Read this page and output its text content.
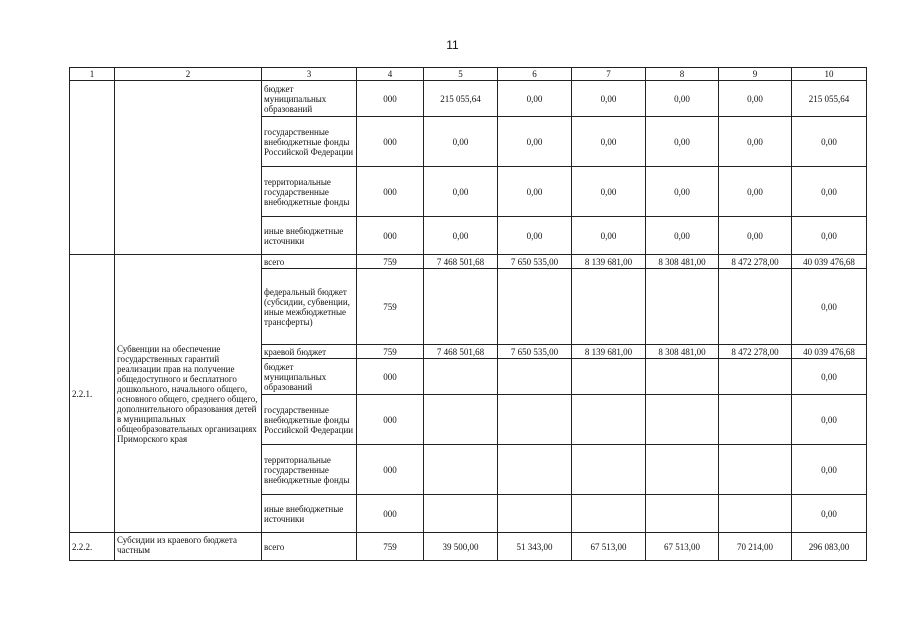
11
1	2	3	4	5	6	7	8	9	10
		бюджет муниципальных образований	000	215 055,64	0,00	0,00	0,00	0,00	215 055,64
		государственные внебюджетные фонды Российской Федерации	000	0,00	0,00	0,00	0,00	0,00	0,00
		территориальные государственные внебюджетные фонды	000	0,00	0,00	0,00	0,00	0,00	0,00
		иные внебюджетные источники	000	0,00	0,00	0,00	0,00	0,00	0,00
2.2.1.	Субвенции на обеспечение государственных гарантий реализации прав на получение общедоступного и бесплатного дошкольного, начального общего, основного общего, среднего общего, дополнительного образования детей в муниципальных общеобразовательных организациях Приморского края	всего	759	7 468 501,68	7 650 535,00	8 139 681,00	8 308 481,00	8 472 278,00	40 039 476,68
		федеральный бюджет (субсидии, субвенции, иные межбюджетные трансферты)	759						0,00
		краевой бюджет	759	7 468 501,68	7 650 535,00	8 139 681,00	8 308 481,00	8 472 278,00	40 039 476,68
		бюджет муниципальных образований	000						0,00
		государственные внебюджетные фонды Российской Федерации	000						0,00
		территориальные государственные внебюджетные фонды	000						0,00
		иные внебюджетные источники	000						0,00
2.2.2.	Субсидии из краевого бюджета частным	всего	759	39 500,00	51 343,00	67 513,00	67 513,00	70 214,00	296 083,00
